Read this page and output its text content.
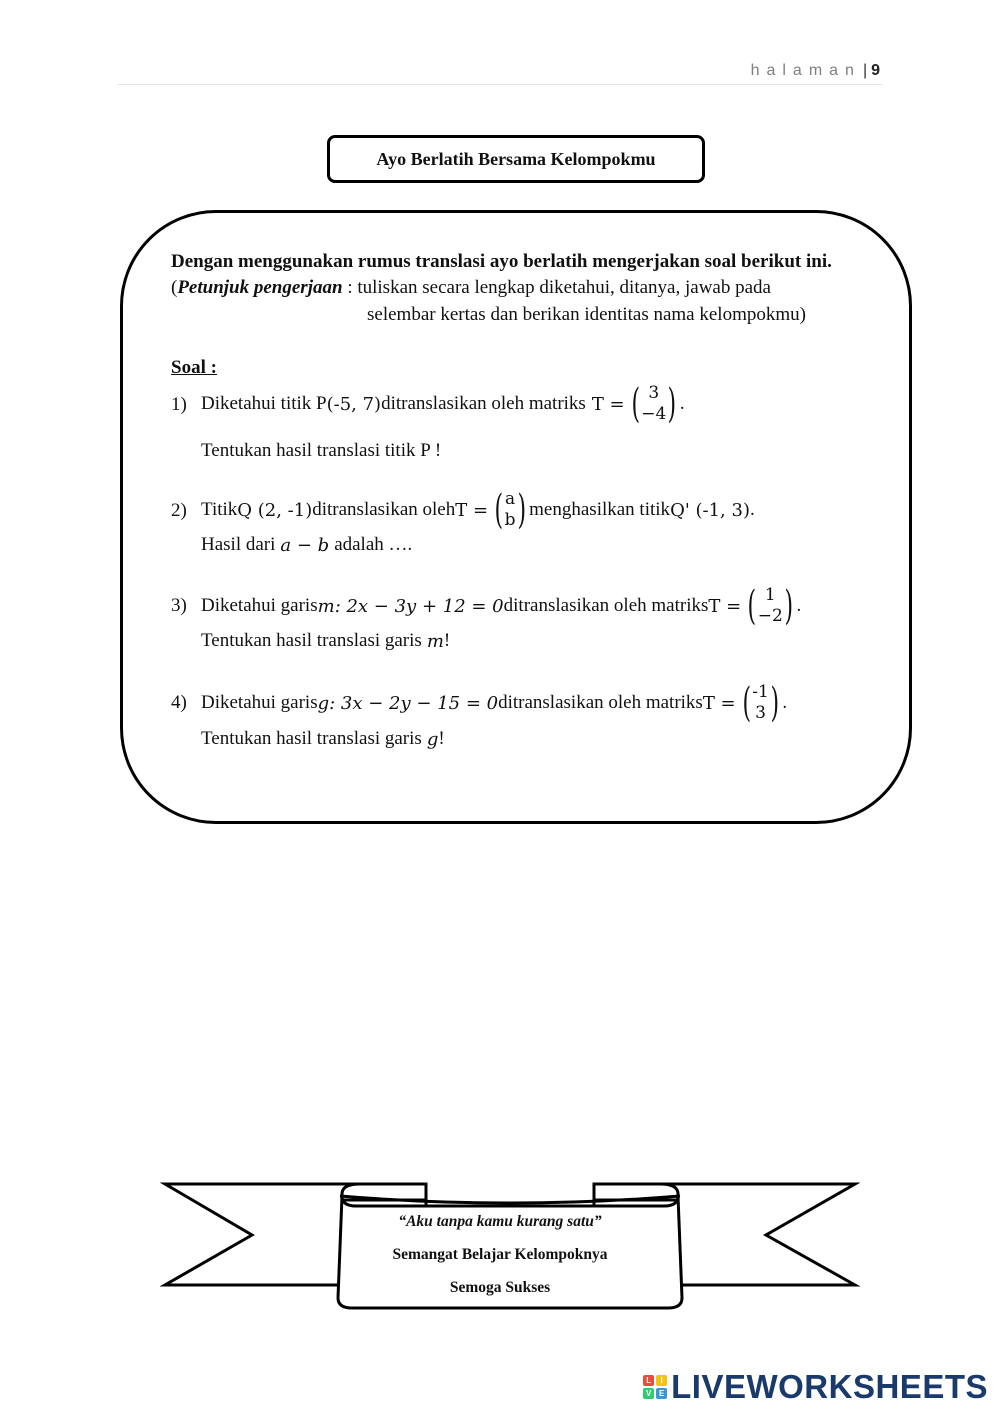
halaman | 9
Ayo Berlatih Bersama Kelompokmu
Dengan menggunakan rumus translasi ayo berlatih mengerjakan soal berikut ini.
(Petunjuk pengerjaan : tuliskan secara lengkap diketahui, ditanya, jawab pada
selembar kertas dan berikan identitas nama kelompokmu)
Soal :
1) Diketahui titik P (-5, 7) ditranslasikan oleh matriks T = ( 3
−4 ) .
Tentukan hasil translasi titik P !
2) Titik Q (2, -1) ditranslasikan oleh T = ( a
b ) menghasilkan titik Q' (-1, 3) .
Hasil dari a − b adalah ….
3) Diketahui garis m : 2x − 3y + 12 = 0 ditranslasikan oleh matriks T = ( 1
−2 ) .
Tentukan hasil translasi garis m !
4) Diketahui garis g : 3x − 2y − 15 = 0 ditranslasikan oleh matriks T = ( -1
3 ) .
Tentukan hasil translasi garis g !
“Aku tanpa kamu kurang satu”
Semangat Belajar Kelompoknya
Semoga Sukses
L	I
V E LIVEWORKSHEETS
